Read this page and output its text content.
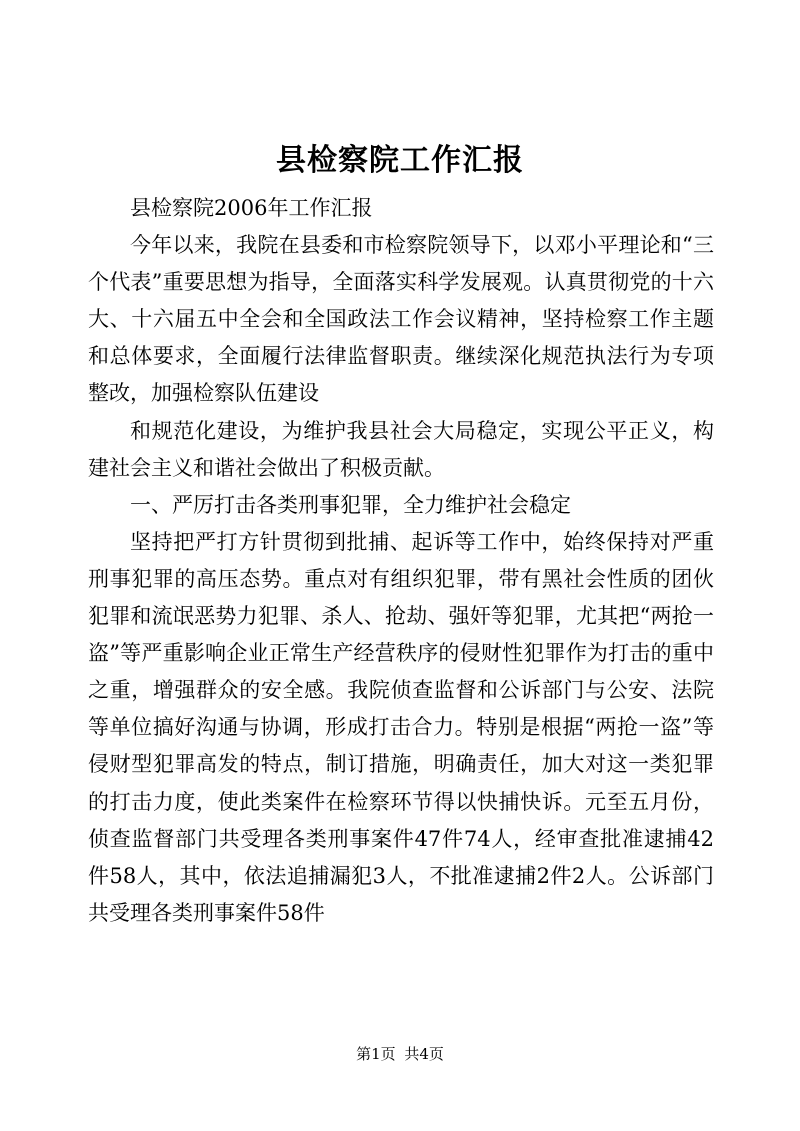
县检察院工作汇报

县检察院2006年工作汇报

今年以来，我院在县委和市检察院领导下，以邓小平理论和“三个代表”重要思想为指导，全面落实科学发展观。认真贯彻党的十六大、十六届五中全会和全国政法工作会议精神，坚持检察工作主题和总体要求，全面履行法律监督职责。继续深化规范执法行为专项整改，加强检察队伍建设

和规范化建设，为维护我县社会大局稳定，实现公平正义，构建社会主义和谐社会做出了积极贡献。

一、严厉打击各类刑事犯罪，全力维护社会稳定

坚持把严打方针贯彻到批捕、起诉等工作中，始终保持对严重刑事犯罪的高压态势。重点对有组织犯罪，带有黑社会性质的团伙犯罪和流氓恶势力犯罪、杀人、抢劫、强奸等犯罪，尤其把“两抢一盗”等严重影响企业正常生产经营秩序的侵财性犯罪作为打击的重中之重，增强群众的安全感。我院侦查监督和公诉部门与公安、法院等单位搞好沟通与协调，形成打击合力。特别是根据“两抢一盗”等侵财型犯罪高发的特点，制订措施，明确责任，加大对这一类犯罪的打击力度，使此类案件在检察环节得以快捕快诉。元至五月份，侦查监督部门共受理各类刑事案件47件74人，经审查批准逮捕42件58人，其中，依法追捕漏犯3人，不批准逮捕2件2人。公诉部门共受理各类刑事案件58件

第1页 共4页
